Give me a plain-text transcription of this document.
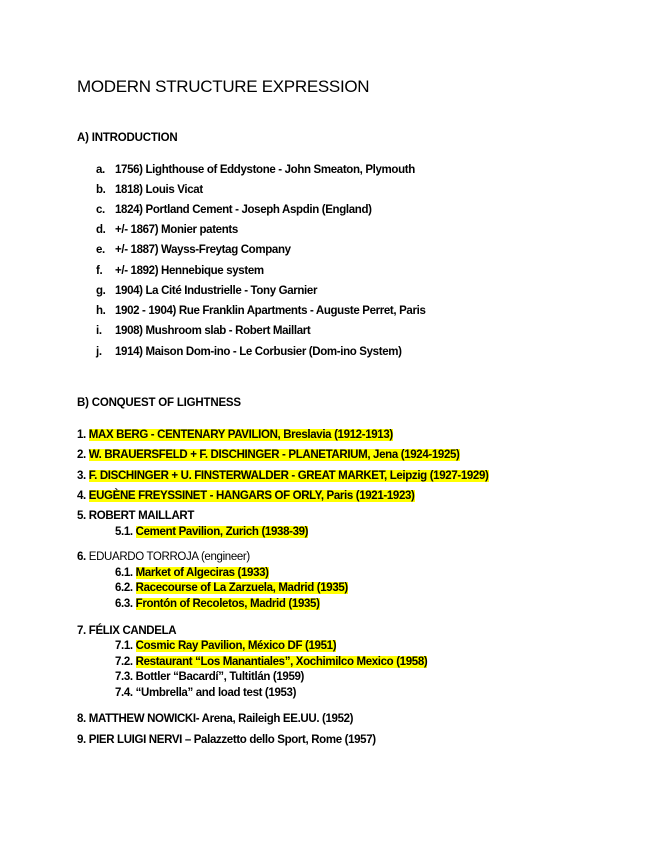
MODERN STRUCTURE EXPRESSION
A) INTRODUCTION
a. 1756) Lighthouse of Eddystone - John Smeaton, Plymouth
b. 1818) Louis Vicat
c. 1824) Portland Cement - Joseph Aspdin (England)
d. +/- 1867) Monier patents
e. +/- 1887) Wayss-Freytag Company
f.	+/- 1892) Hennebique system
g. 1904) La Cité Industrielle - Tony Garnier
h. 1902 - 1904) Rue Franklin Apartments - Auguste Perret, Paris
i.	1908) Mushroom slab - Robert Maillart
j.	1914) Maison Dom-ino - Le Corbusier (Dom-ino System)
B) CONQUEST OF LIGHTNESS
1. MAX BERG - CENTENARY PAVILION, Breslavia (1912-1913)
2. W. BRAUERSFELD + F. DISCHINGER - PLANETARIUM, Jena (1924-1925)
3. F. DISCHINGER + U. FINSTERWALDER - GREAT MARKET, Leipzig (1927-1929)
4. EUGÈNE FREYSSINET - HANGARS OF ORLY, Paris (1921-1923)
5. ROBERT MAILLART
5.1. Cement Pavilion, Zurich (1938-39)
6. EDUARDO TORROJA (engineer)
6.1. Market of Algeciras (1933)
6.2. Racecourse of La Zarzuela, Madrid (1935)
6.3. Frontón of Recoletos, Madrid (1935)
7. FÉLIX CANDELA
7.1. Cosmic Ray Pavilion, México DF (1951)
7.2. Restaurant “Los Manantiales”, Xochimilco Mexico (1958)
7.3. Bottler “Bacardí”, Tultitlán (1959)
7.4. “Umbrella” and load test (1953)
8. MATTHEW NOWICKI- Arena, Raileigh EE.UU. (1952)
9. PIER LUIGI NERVI – Palazzetto dello Sport, Rome (1957)
